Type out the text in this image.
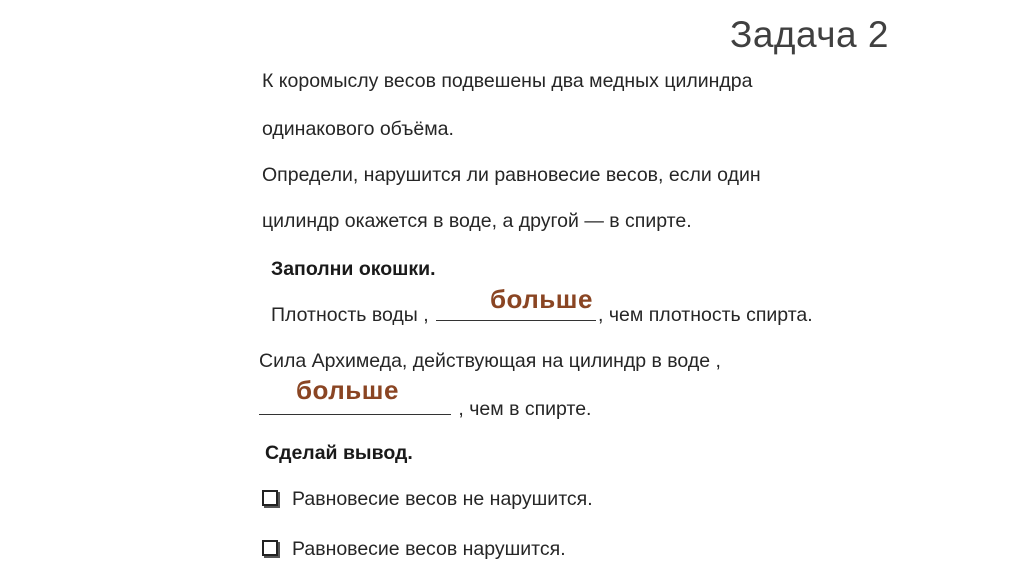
Задача 2
К коромыслу весов подвешены два медных цилиндра
одинакового объёма.
Определи, нарушится ли равновесие весов, если один
цилиндр окажется в воде, а другой — в спирте.
Заполни окошки.
Плотность воды ,	, чем плотность спирта.
больше
Сила Архимеда, действующая на цилиндр в воде ,
, чем в спирте.
больше
Сделай вывод.
Равновесие весов не нарушится.
Равновесие весов нарушится.
